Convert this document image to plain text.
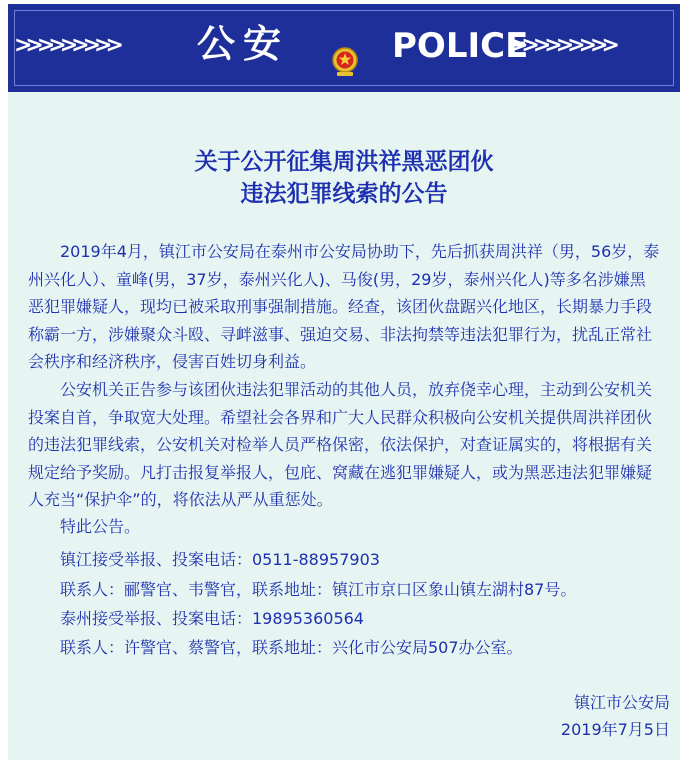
>>>>>>>>> 公安	POLICE
>>>>>>>>>
关于公开征集周洪祥黑恶团伙
违法犯罪线索的公告
2019年4月，镇江市公安局在泰州市公安局协助下，先后抓获周洪祥（男，56岁，泰州兴化人）、童峰(男，37岁，泰州兴化人)、马俊(男，29岁，泰州兴化人)等多名涉嫌黑恶犯罪嫌疑人，现均已被采取刑事强制措施。经查，该团伙盘踞兴化地区，长期暴力手段称霸一方，涉嫌聚众斗殴、寻衅滋事、强迫交易、非法拘禁等违法犯罪行为，扰乱正常社会秩序和经济秩序，侵害百姓切身利益。
公安机关正告参与该团伙违法犯罪活动的其他人员，放弃侥幸心理，主动到公安机关投案自首，争取宽大处理。希望社会各界和广大人民群众积极向公安机关提供周洪祥团伙的违法犯罪线索，公安机关对检举人员严格保密，依法保护，对查证属实的，将根据有关规定给予奖励。凡打击报复举报人，包庇、窝藏在逃犯罪嫌疑人，或为黑恶违法犯罪嫌疑人充当“保护伞”的，将依法从严从重惩处。
特此公告。
镇江接受举报、投案电话：0511-88957903
联系人：郦警官、韦警官，联系地址：镇江市京口区象山镇左湖村87号。
泰州接受举报、投案电话：19895360564
联系人：许警官、蔡警官，联系地址：兴化市公安局507办公室。
镇江市公安局
2019年7月5日
